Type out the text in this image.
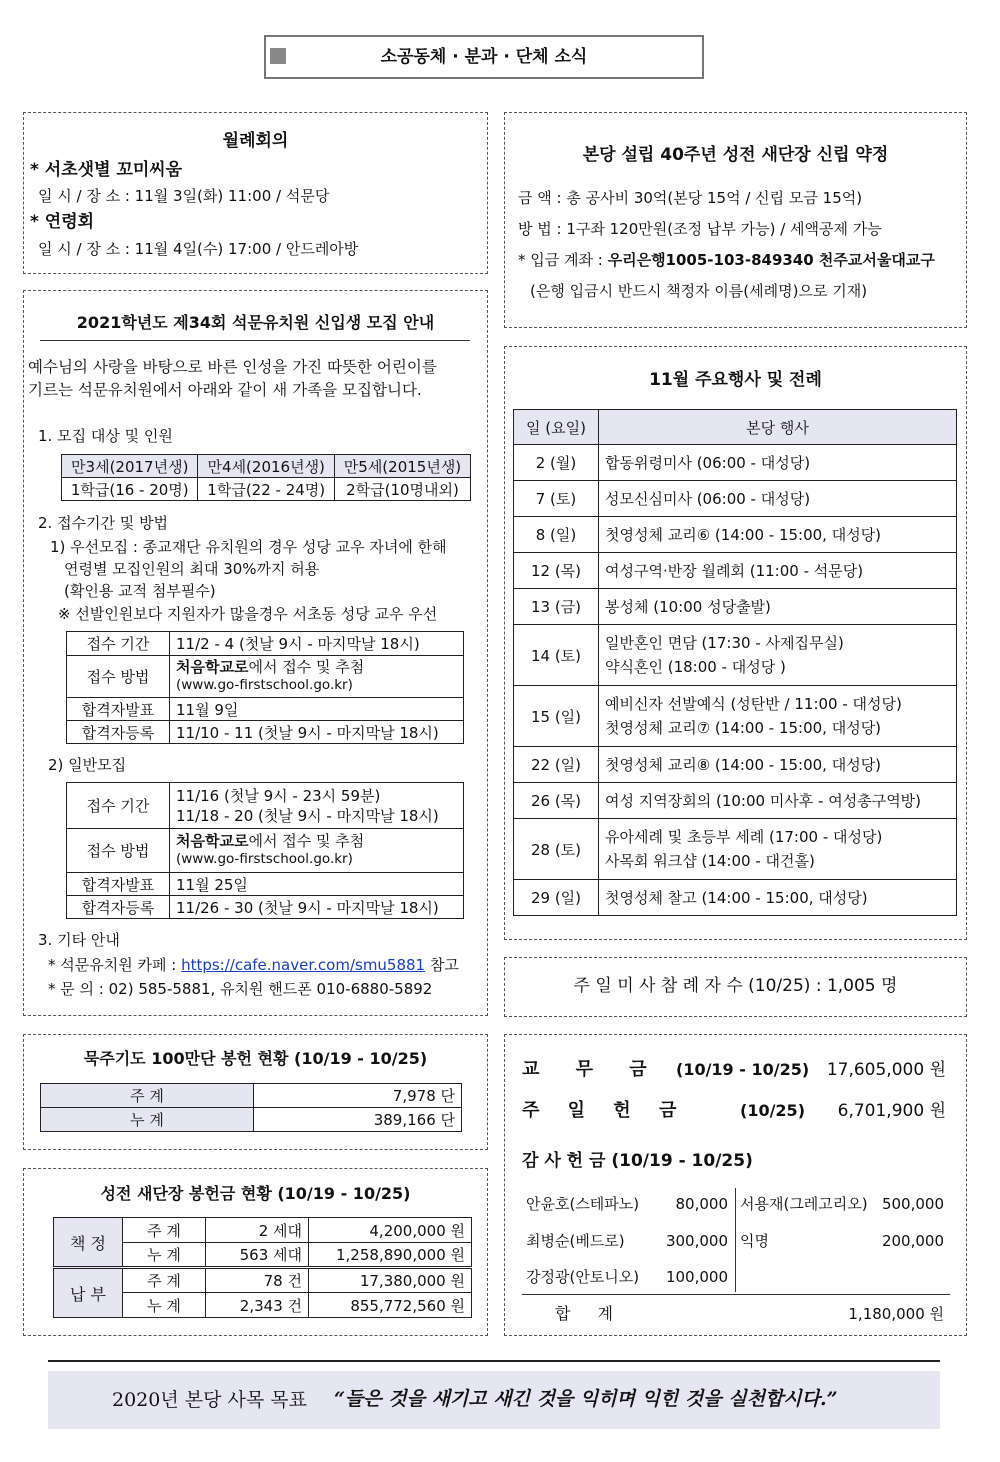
소공동체 · 분과 · 단체 소식
월례회의
* 서초샛별 꼬미씨움
일 시 / 장 소 : 11월 3일(화) 11:00 / 석문당
* 연령회
일 시 / 장 소 : 11월 4일(수) 17:00 / 안드레아방
본당 설립 40주년 성전 새단장 신립 약정
금 액 : 총 공사비 30억(본당 15억 / 신립 모금 15억)
방 법 : 1구좌 120만원(조정 납부 가능) / 세액공제 가능
* 입금 계좌 : 우리은행1005-103-849340 천주교서울대교구
(은행 입금시 반드시 책정자 이름(세례명)으로 기재)
2021학년도 제34회 석문유치원 신입생 모집 안내
예수님의 사랑을 바탕으로 바른 인성을 가진 따뜻한 어린이를
기르는 석문유치원에서 아래와 같이 새 가족을 모집합니다.
1. 모집 대상 및 인원
만3세(2017년생)	만4세(2016년생)	만5세(2015년생)
1학급(16 - 20명)	1학급(22 - 24명)	2학급(10명내외)
2. 접수기간 및 방법
1) 우선모집 : 종교재단 유치원의 경우 성당 교우 자녀에 한해
연령별 모집인원의 최대 30%까지 허용
(확인용 교적 첨부필수)
※ 선발인원보다 지원자가 많을경우 서초동 성당 교우 우선
접수 기간	11/2 - 4 (첫날 9시 - 마지막날 18시)
접수 방법	처음학교로에서 접수 및 추첨
(www.go-firstschool.go.kr)
합격자발표	11월 9일
합격자등록	11/10 - 11 (첫날 9시 - 마지막날 18시)
2) 일반모집
접수 기간	11/16 (첫날 9시 - 23시 59분)
11/18 - 20 (첫날 9시 - 마지막날 18시)
접수 방법	처음학교로에서 접수 및 추첨
(www.go-firstschool.go.kr)
합격자발표	11월 25일
합격자등록	11/26 - 30 (첫날 9시 - 마지막날 18시)
3. 기타 안내
* 석문유치원 카페 : https://cafe.naver.com/smu5881 참고
* 문 의 : 02) 585-5881, 유치원 핸드폰 010-6880-5892
11월 주요행사 및 전례
일 (요일)	본당 행사
2 (월)	합동위령미사 (06:00 - 대성당)
7 (토)	성모신심미사 (06:00 - 대성당)
8 (일)	첫영성체 교리⑥ (14:00 - 15:00, 대성당)
12 (목)	여성구역·반장 월례회 (11:00 - 석문당)
13 (금)	봉성체 (10:00 성당출발)
14 (토)	일반혼인 면담 (17:30 - 사제집무실)
약식혼인 (18:00 - 대성당 )
15 (일)	예비신자 선발예식 (성탄반 / 11:00 - 대성당)
첫영성체 교리⑦ (14:00 - 15:00, 대성당)
22 (일)	첫영성체 교리⑧ (14:00 - 15:00, 대성당)
26 (목)	여성 지역장회의 (10:00 미사후 - 여성총구역방)
28 (토)	유아세례 및 초등부 세례 (17:00 - 대성당)
사목회 워크샵 (14:00 - 대건홀)
29 (일)	첫영성체 찰고 (14:00 - 15:00, 대성당)
주 일 미 사 참 례 자 수 (10/25) : 1,005 명
묵주기도 100만단 봉헌 현황 (10/19 - 10/25)
주 계	7,978 단
누 계	389,166 단
성전 새단장 봉헌금 현황 (10/19 - 10/25)
책 정	주 계	2 세대	4,200,000 원
	누 계	563 세대	1,258,890,000 원
납 부	주 계	78 건	17,380,000 원
	누 계	2,343 건	855,772,560 원
교 무 금 (10/19 - 10/25)	17,605,000 원
주 일 헌 금	(10/25)	6,701,900 원
감 사 헌 금 (10/19 - 10/25)
안윤호(스테파노)	80,000 서용재(그레고리오) 500,000
최병순(베드로)	300,000 익명	200,000
강정광(안토니오)	100,000
합 계	1,180,000 원
2020년 본당 사목 목표 “들은 것을 새기고 새긴 것을 익히며 익힌 것을 실천합시다.”
